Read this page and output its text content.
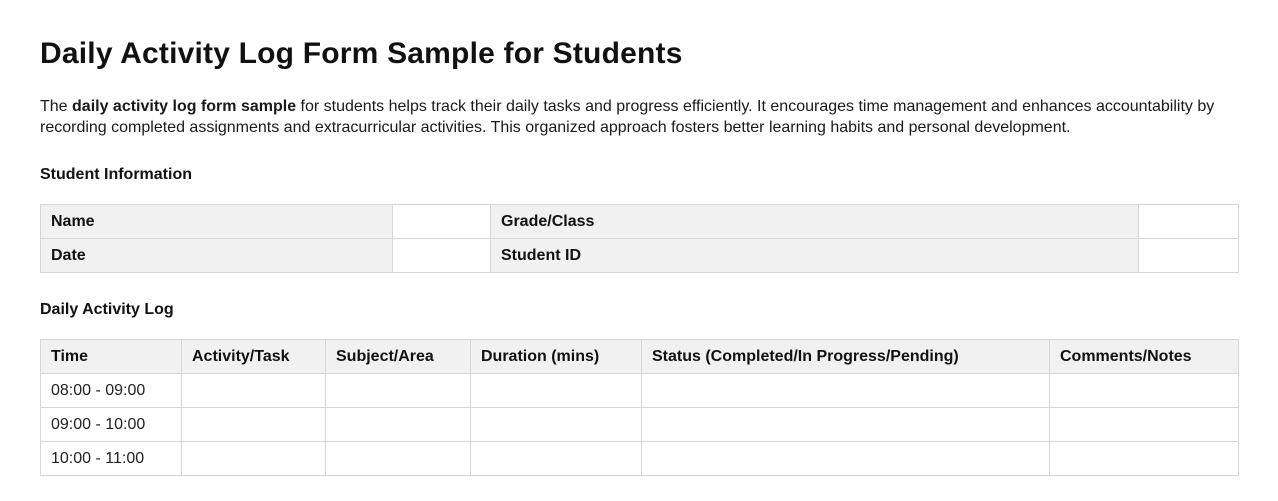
Daily Activity Log Form Sample for Students

The daily activity log form sample for students helps track their daily tasks and progress efficiently. It encourages time management and enhances accountability by recording completed assignments and extracurricular activities. This organized approach fosters better learning habits and personal development.

Student Information
Name		Grade/Class	
Date		Student ID	
Daily Activity Log
Time	Activity/Task	Subject/Area	Duration (mins)	Status (Completed/In Progress/Pending)	Comments/Notes
08:00 - 09:00					
09:00 - 10:00					
10:00 - 11:00					
